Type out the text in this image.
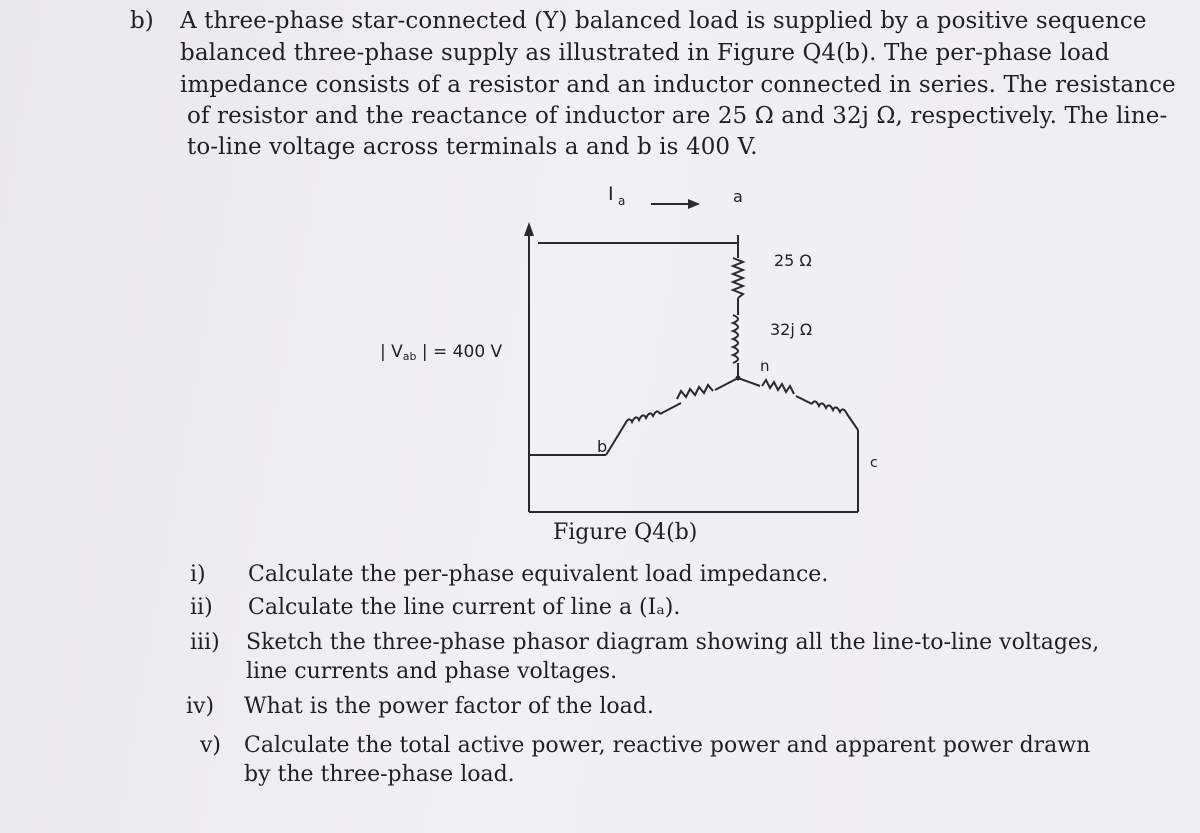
b) A three-phase star-connected (Y) balanced load is supplied by a positive sequence
balanced three-phase supply as illustrated in Figure Q4(b). The per-phase load
impedance consists of a resistor and an inductor connected in series. The resistance
of resistor and the reactance of inductor are 25 Ω and 32j Ω, respectively. The line-
to-line voltage across terminals a and b is 400 V.
I a	a
25 Ω
32j Ω
n
b
c
| Vab | = 400 V
Figure Q4(b)
i) Calculate the per-phase equivalent load impedance.
ii) Calculate the line current of line a (Iₐ).
iii) Sketch the three-phase phasor diagram showing all the line-to-line voltages,
line currents and phase voltages.
iv) What is the power factor of the load.
v) Calculate the total active power, reactive power and apparent power drawn
by the three-phase load.
